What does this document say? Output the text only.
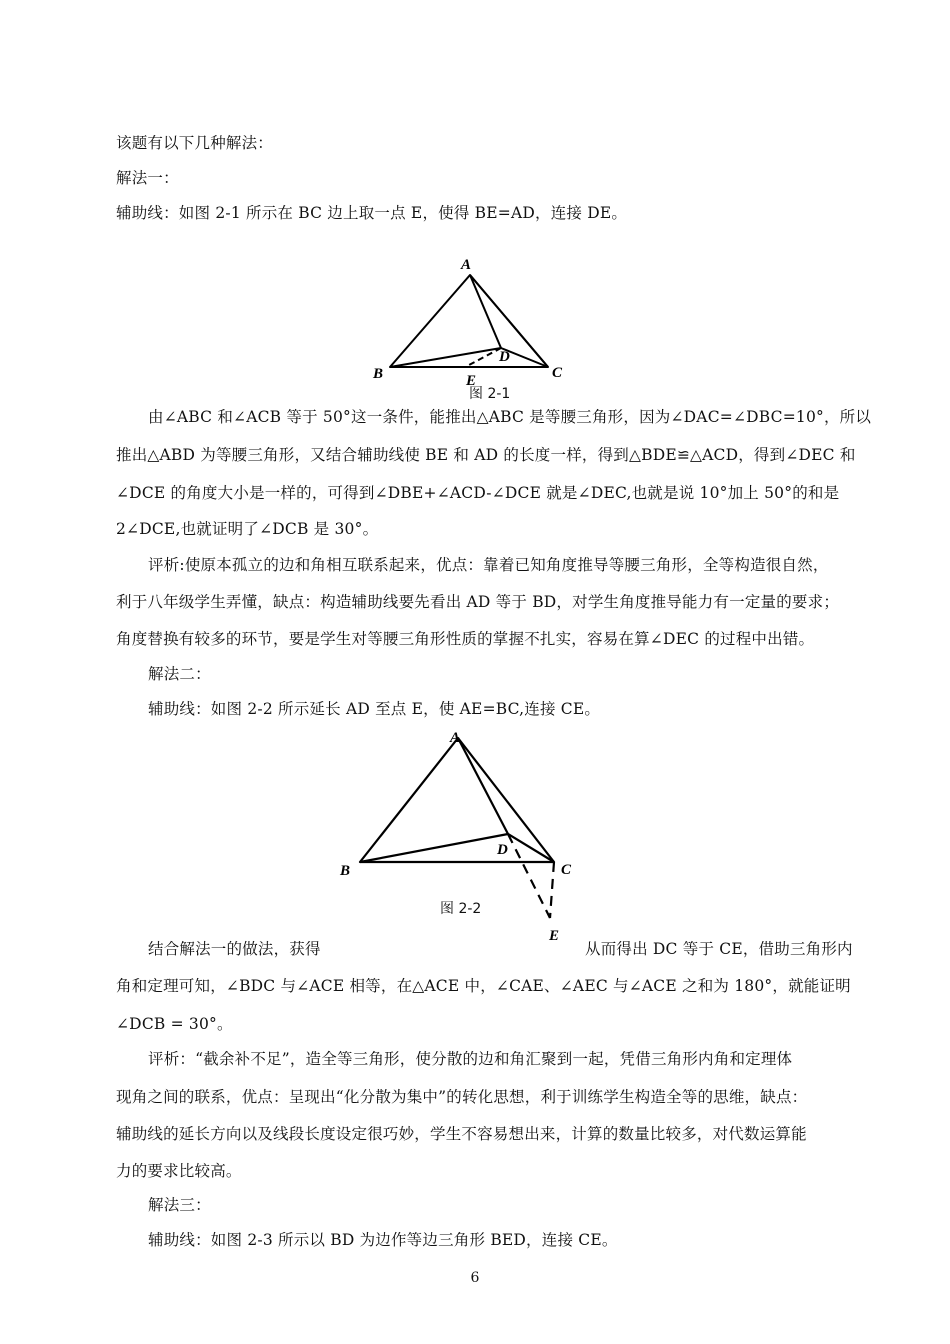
该题有以下几种解法：
解法一：
辅助线：如图 2-1 所示在 BC 边上取一点 E，使得 BE=AD，连接 DE。
A
B	C
D
E
图 2-1
由∠ABC 和∠ACB 等于 50°这一条件，能推出△ABC 是等腰三角形，因为∠DAC=∠DBC=10°，所以
推出△ABD 为等腰三角形，又结合辅助线使 BE 和 AD 的长度一样，得到△BDE≌△ACD，得到∠DEC 和
∠DCE 的角度大小是一样的，可得到∠DBE+∠ACD-∠DCE 就是∠DEC,也就是说 10°加上 50°的和是
2∠DCE,也就证明了∠DCB 是 30°。
评析:使原本孤立的边和角相互联系起来，优点：靠着已知角度推导等腰三角形，全等构造很自然，
利于八年级学生弄懂，缺点：构造辅助线要先看出 AD 等于 BD，对学生角度推导能力有一定量的要求；
角度替换有较多的环节，要是学生对等腰三角形性质的掌握不扎实，容易在算∠DEC 的过程中出错。
解法二：
辅助线：如图 2-2 所示延长 AD 至点 E，使 AE=BC,连接 CE。
A
B	C
D
E
图 2-2
结合解法一的做法，获得	从而得出 DC 等于 CE，借助三角形内
角和定理可知，∠BDC 与∠ACE 相等，在△ACE 中，∠CAE、∠AEC 与∠ACE 之和为 180°，就能证明
∠DCB = 30°。
评析：“截余补不足”，造全等三角形，使分散的边和角汇聚到一起，凭借三角形内角和定理体
现角之间的联系，优点：呈现出“化分散为集中”的转化思想，利于训练学生构造全等的思维，缺点：
辅助线的延长方向以及线段长度设定很巧妙，学生不容易想出来，计算的数量比较多，对代数运算能
力的要求比较高。
解法三：
辅助线：如图 2-3 所示以 BD 为边作等边三角形 BED，连接 CE。
6
